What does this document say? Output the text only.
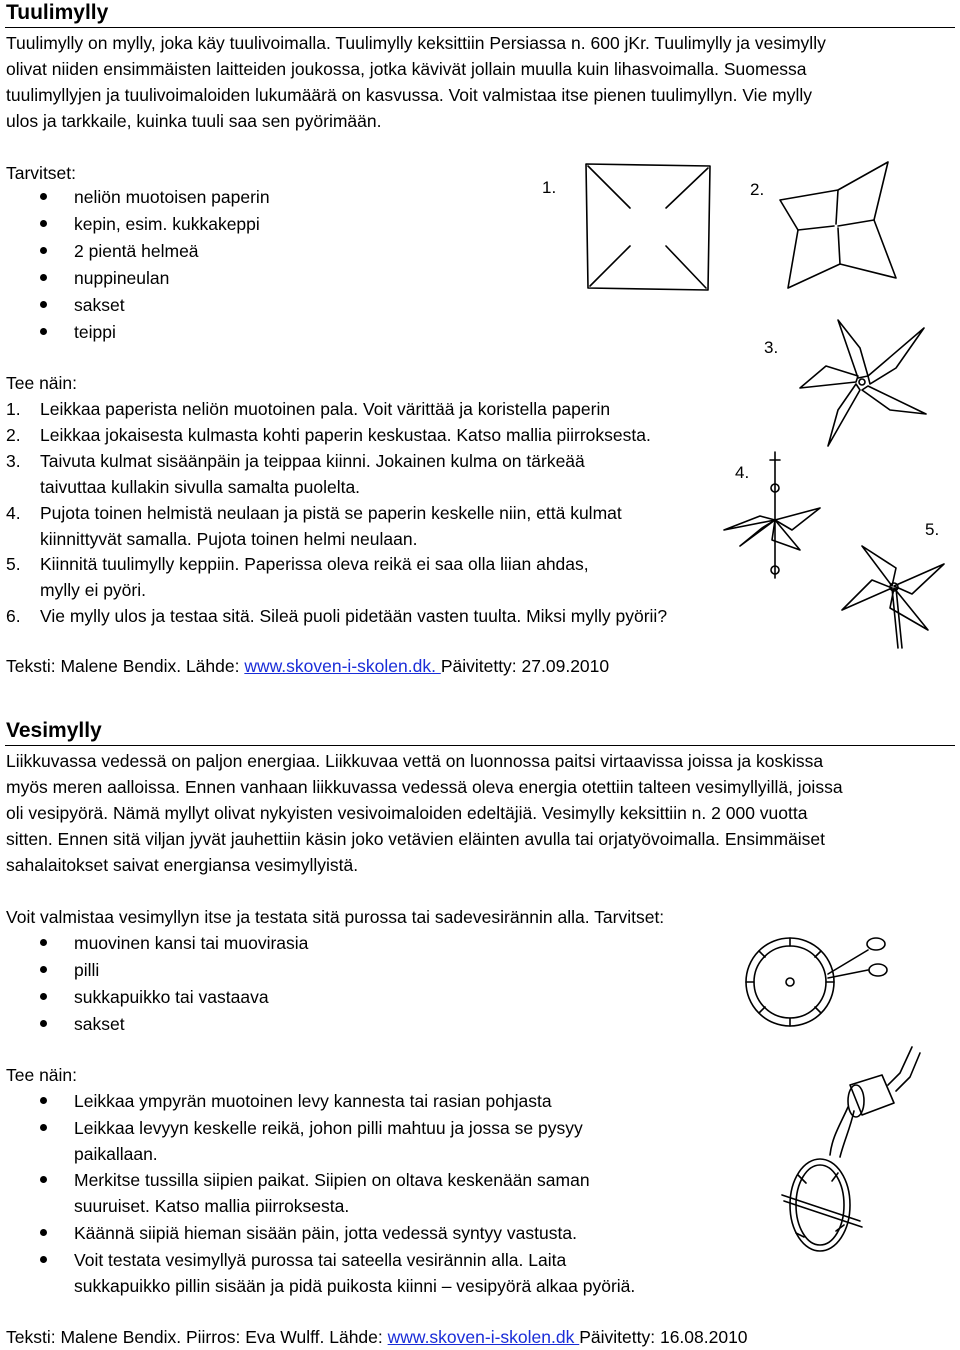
Tuulimylly
Tuulimylly on mylly, joka käy tuulivoimalla. Tuulimylly keksittiin Persiassa n. 600 jKr. Tuulimylly ja vesimylly
olivat niiden ensimmäisten laitteiden joukossa, jotka kävivät jollain muulla kuin lihasvoimalla. Suomessa
tuulimyllyjen ja tuulivoimaloiden lukumäärä on kasvussa. Voit valmistaa itse pienen tuulimyllyn. Vie mylly
ulos ja tarkkaile, kuinka tuuli saa sen pyörimään.
Tarvitset:
neliön muotoisen paperin
kepin, esim. kukkakeppi
2 pientä helmeä
nuppineulan
sakset
teippi
Tee näin:
1. Leikkaa paperista neliön muotoinen pala. Voit värittää ja koristella paperin
2. Leikkaa jokaisesta kulmasta kohti paperin keskustaa. Katso mallia piirroksesta.
3. Taivuta kulmat sisäänpäin ja teippaa kiinni. Jokainen kulma on tärkeää
taivuttaa kullakin sivulla samalta puolelta.
4. Pujota toinen helmistä neulaan ja pistä se paperin keskelle niin, että kulmat
kiinnittyvät samalla. Pujota toinen helmi neulaan.
5. Kiinnitä tuulimylly keppiin. Paperissa oleva reikä ei saa olla liian ahdas,
mylly ei pyöri.
6. Vie mylly ulos ja testaa sitä. Sileä puoli pidetään vasten tuulta. Miksi mylly pyörii?
Teksti: Malene Bendix. Lähde: www.skoven-i-skolen.dk. Päivitetty: 27.09.2010
1.	2.
3.
4.
5.
Vesimylly
Liikkuvassa vedessä on paljon energiaa. Liikkuvaa vettä on luonnossa paitsi virtaavissa joissa ja koskissa
myös meren aalloissa. Ennen vanhaan liikkuvassa vedessä oleva energia otettiin talteen vesimyllyillä, joissa
oli vesipyörä. Nämä myllyt olivat nykyisten vesivoimaloiden edeltäjiä. Vesimylly keksittiin n. 2 000 vuotta
sitten. Ennen sitä viljan jyvät jauhettiin käsin joko vetävien eläinten avulla tai orjatyövoimalla. Ensimmäiset
sahalaitokset saivat energiansa vesimyllyistä.
Voit valmistaa vesimyllyn itse ja testata sitä purossa tai sadevesirännin alla. Tarvitset:
muovinen kansi tai muovirasia
pilli
sukkapuikko tai vastaava
sakset
Tee näin:
Leikkaa ympyrän muotoinen levy kannesta tai rasian pohjasta
Leikkaa levyyn keskelle reikä, johon pilli mahtuu ja jossa se pysyy
paikallaan.
Merkitse tussilla siipien paikat. Siipien on oltava keskenään saman
suuruiset. Katso mallia piirroksesta.
Käännä siipiä hieman sisään päin, jotta vedessä syntyy vastusta.
Voit testata vesimyllyä purossa tai sateella vesirännin alla. Laita
sukkapuikko pillin sisään ja pidä puikosta kiinni – vesipyörä alkaa pyöriä.
Teksti: Malene Bendix. Piirros: Eva Wulff. Lähde: www.skoven-i-skolen.dk Päivitetty: 16.08.2010
